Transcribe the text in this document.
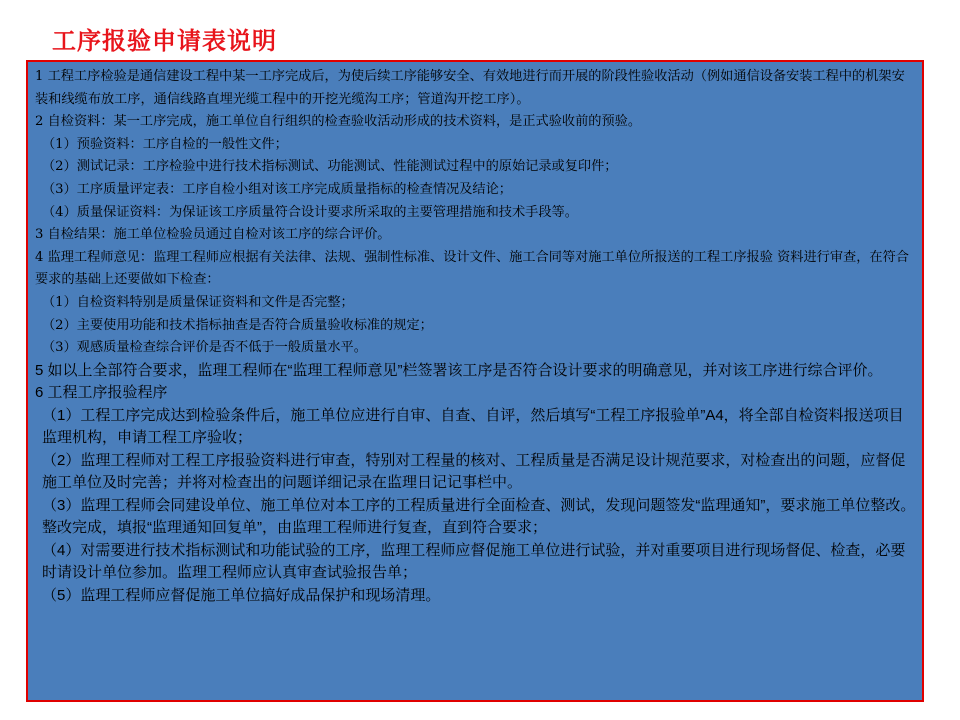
工序报验申请表说明

1 工程工序检验是通信建设工程中某一工序完成后，为使后续工序能够安全、有效地进行而开展的阶段性验收活动（例如通信设备安装工程中的机架安装和线缆布放工序，通信线路直埋光缆工程中的开挖光缆沟工序；管道沟开挖工序）。

2 自检资料：某一工序完成，施工单位自行组织的检查验收活动形成的技术资料，是正式验收前的预验。

（1）预验资料：工序自检的一般性文件；

（2）测试记录：工序检验中进行技术指标测试、功能测试、性能测试过程中的原始记录或复印件；

（3）工序质量评定表：工序自检小组对该工序完成质量指标的检查情况及结论；

（4）质量保证资料：为保证该工序质量符合设计要求所采取的主要管理措施和技术手段等。

3 自检结果：施工单位检验员通过自检对该工序的综合评价。

4 监理工程师意见：监理工程师应根据有关法律、法规、强制性标准、设计文件、施工合同等对施工单位所报送的工程工序报验 资料进行审查，在符合要求的基础上还要做如下检查：

（1）自检资料特别是质量保证资料和文件是否完整；

（2）主要使用功能和技术指标抽查是否符合质量验收标准的规定；

（3）观感质量检查综合评价是否不低于一般质量水平。

5 如以上全部符合要求，监理工程师在“监理工程师意见”栏签署该工序是否符合设计要求的明确意见，并对该工序进行综合评价。

6 工程工序报验程序

（1）工程工序完成达到检验条件后，施工单位应进行自审、自查、自评，然后填写“工程工序报验单”A4，将全部自检资料报送项目监理机构，申请工程工序验收；

（2）监理工程师对工程工序报验资料进行审查，特别对工程量的核对、工程质量是否满足设计规范要求，对检查出的问题，应督促施工单位及时完善；并将对检查出的问题详细记录在监理日记记事栏中。

（3）监理工程师会同建设单位、施工单位对本工序的工程质量进行全面检查、测试，发现问题签发“监理通知”，要求施工单位整改。整改完成，填报“监理通知回复单”，由监理工程师进行复查，直到符合要求；

（4）对需要进行技术指标测试和功能试验的工序，监理工程师应督促施工单位进行试验，并对重要项目进行现场督促、检查，必要时请设计单位参加。监理工程师应认真审查试验报告单；

（5）监理工程师应督促施工单位搞好成品保护和现场清理。
